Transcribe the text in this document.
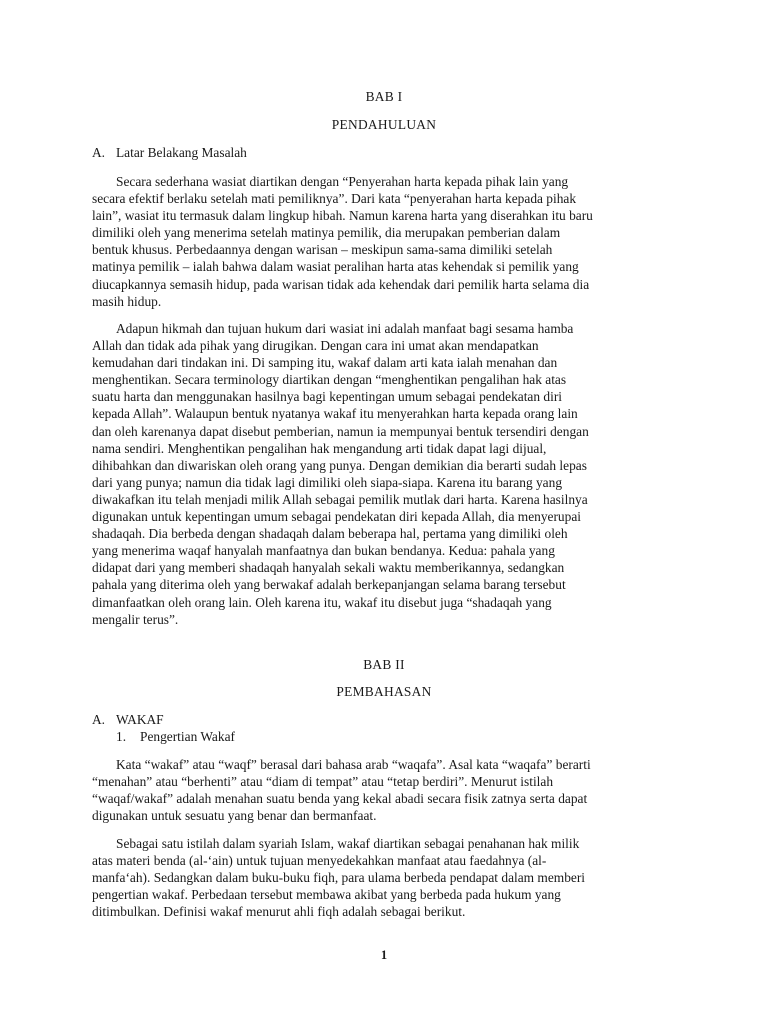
BAB I
PENDAHULUAN
A. Latar Belakang Masalah
Secara sederhana wasiat diartikan dengan “Penyerahan harta kepada pihak lain yang
secara efektif berlaku setelah mati pemiliknya”. Dari kata “penyerahan harta kepada pihak
lain”, wasiat itu termasuk dalam lingkup hibah. Namun karena harta yang diserahkan itu baru
dimiliki oleh yang menerima setelah matinya pemilik, dia merupakan pemberian dalam
bentuk khusus. Perbedaannya dengan warisan – meskipun sama-sama dimiliki setelah
matinya pemilik – ialah bahwa dalam wasiat peralihan harta atas kehendak si pemilik yang
diucapkannya semasih hidup, pada warisan tidak ada kehendak dari pemilik harta selama dia
masih hidup.
Adapun hikmah dan tujuan hukum dari wasiat ini adalah manfaat bagi sesama hamba
Allah dan tidak ada pihak yang dirugikan. Dengan cara ini umat akan mendapatkan
kemudahan dari tindakan ini. Di samping itu, wakaf dalam arti kata ialah menahan dan
menghentikan. Secara terminology diartikan dengan “menghentikan pengalihan hak atas
suatu harta dan menggunakan hasilnya bagi kepentingan umum sebagai pendekatan diri
kepada Allah”. Walaupun bentuk nyatanya wakaf itu menyerahkan harta kepada orang lain
dan oleh karenanya dapat disebut pemberian, namun ia mempunyai bentuk tersendiri dengan
nama sendiri. Menghentikan pengalihan hak mengandung arti tidak dapat lagi dijual,
dihibahkan dan diwariskan oleh orang yang punya. Dengan demikian dia berarti sudah lepas
dari yang punya; namun dia tidak lagi dimiliki oleh siapa-siapa. Karena itu barang yang
diwakafkan itu telah menjadi milik Allah sebagai pemilik mutlak dari harta. Karena hasilnya
digunakan untuk kepentingan umum sebagai pendekatan diri kepada Allah, dia menyerupai
shadaqah. Dia berbeda dengan shadaqah dalam beberapa hal, pertama yang dimiliki oleh
yang menerima waqaf hanyalah manfaatnya dan bukan bendanya. Kedua: pahala yang
didapat dari yang memberi shadaqah hanyalah sekali waktu memberikannya, sedangkan
pahala yang diterima oleh yang berwakaf adalah berkepanjangan selama barang tersebut
dimanfaatkan oleh orang lain. Oleh karena itu, wakaf itu disebut juga “shadaqah yang
mengalir terus”.
BAB II
PEMBAHASAN
A. WAKAF
1. Pengertian Wakaf
Kata “wakaf” atau “waqf” berasal dari bahasa arab “waqafa”. Asal kata “waqafa” berarti
“menahan” atau “berhenti” atau “diam di tempat” atau “tetap berdiri”. Menurut istilah
“waqaf/wakaf” adalah menahan suatu benda yang kekal abadi secara fisik zatnya serta dapat
digunakan untuk sesuatu yang benar dan bermanfaat.
Sebagai satu istilah dalam syariah Islam, wakaf diartikan sebagai penahanan hak milik
atas materi benda (al-‘ain) untuk tujuan menyedekahkan manfaat atau faedahnya (al-
manfa‘ah). Sedangkan dalam buku-buku fiqh, para ulama berbeda pendapat dalam memberi
pengertian wakaf. Perbedaan tersebut membawa akibat yang berbeda pada hukum yang
ditimbulkan. Definisi wakaf menurut ahli fiqh adalah sebagai berikut.
1
